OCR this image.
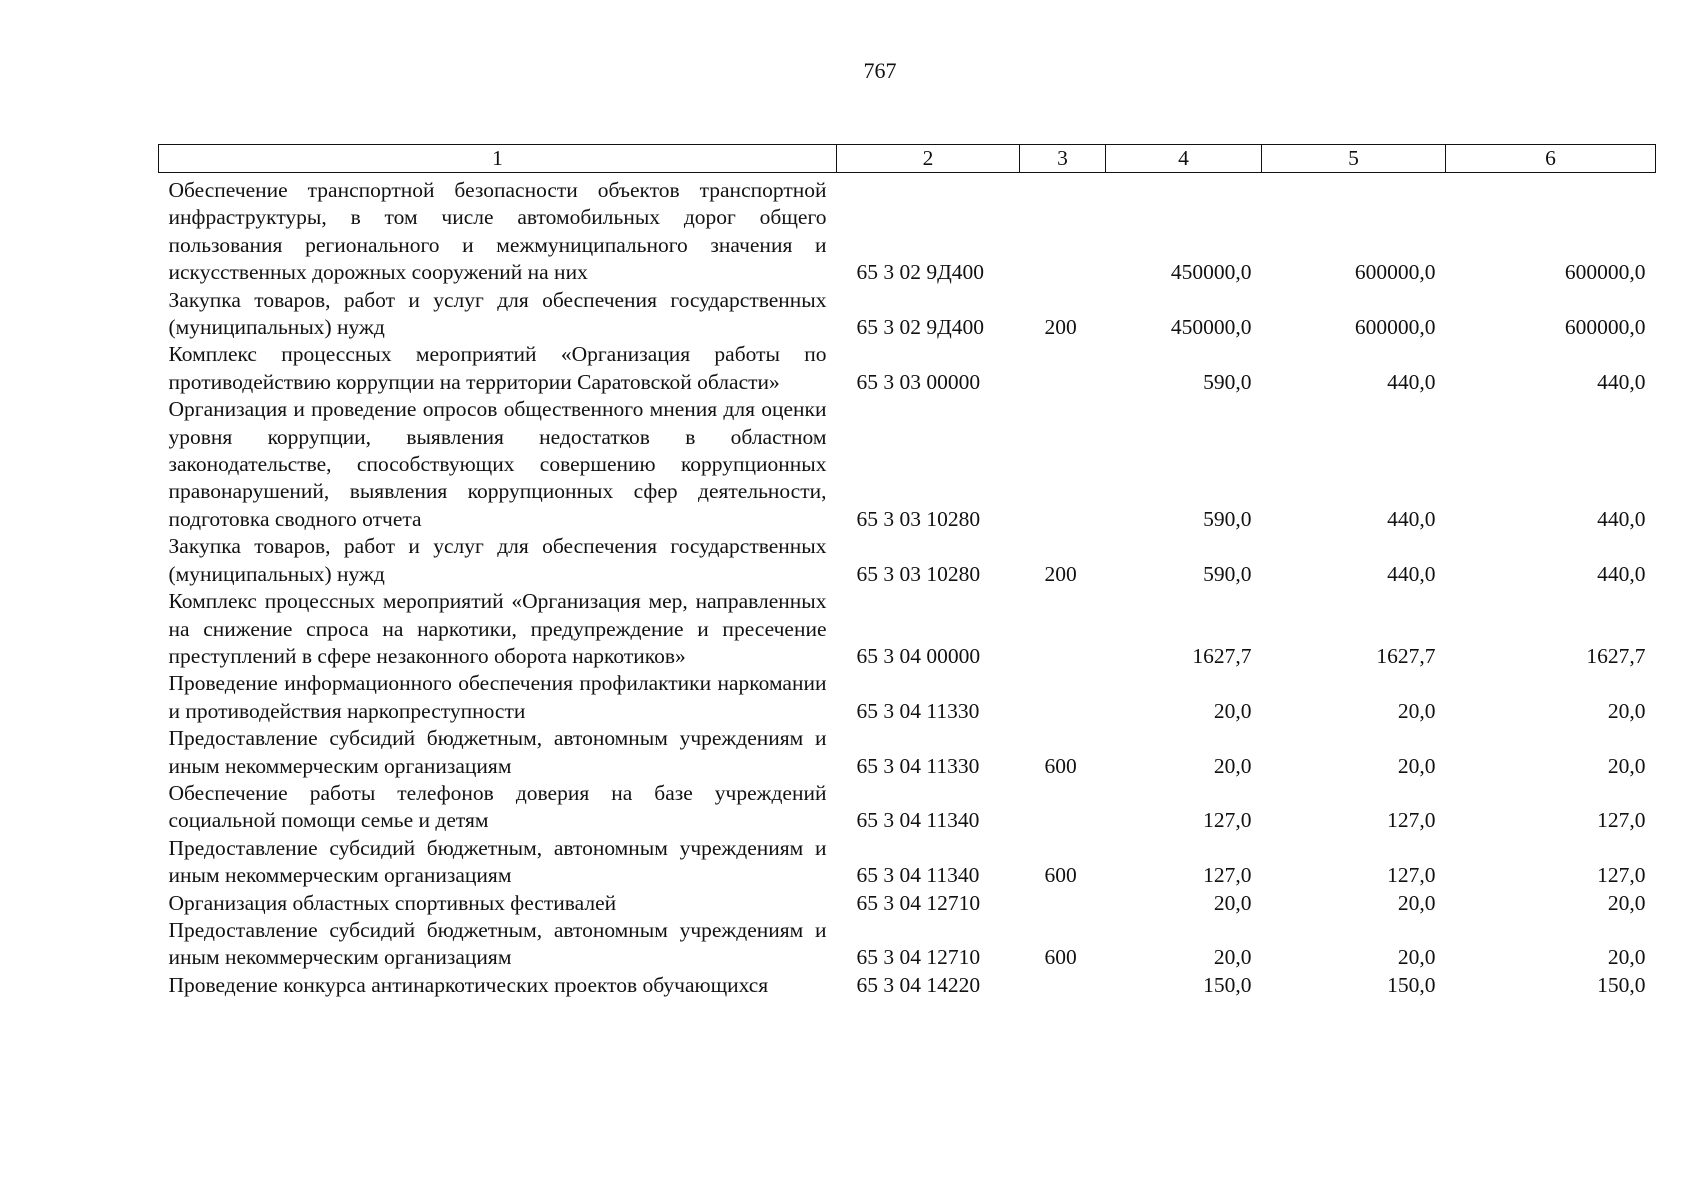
767
1	2	3	4	5	6
Обеспечение транспортной безопасности объектов транспортной инфраструктуры, в том числе автомобильных дорог общего пользования регионального и межмуниципального значения и искусственных дорожных сооружений на них	65 3 02 9Д400		450000,0	600000,0	600000,0
Закупка товаров, работ и услуг для обеспечения государственных (муниципальных) нужд	65 3 02 9Д400	200	450000,0	600000,0	600000,0
Комплекс процессных мероприятий «Организация работы по противодействию коррупции на территории Саратовской области»	65 3 03 00000		590,0	440,0	440,0
Организация и проведение опросов общественного мнения для оценки уровня коррупции, выявления недостатков в областном законодательстве, способствующих совершению коррупционных правонарушений, выявления коррупционных сфер деятельности, подготовка сводного отчета	65 3 03 10280		590,0	440,0	440,0
Закупка товаров, работ и услуг для обеспечения государственных (муниципальных) нужд	65 3 03 10280	200	590,0	440,0	440,0
Комплекс процессных мероприятий «Организация мер, направленных на снижение спроса на наркотики, предупреждение и пресечение преступлений в сфере незаконного оборота наркотиков»	65 3 04 00000		1627,7	1627,7	1627,7
Проведение информационного обеспечения профилактики наркомании и противодействия наркопреступности	65 3 04 11330		20,0	20,0	20,0
Предоставление субсидий бюджетным, автономным учреждениям и иным некоммерческим организациям	65 3 04 11330	600	20,0	20,0	20,0
Обеспечение работы телефонов доверия на базе учреждений социальной помощи семье и детям	65 3 04 11340		127,0	127,0	127,0
Предоставление субсидий бюджетным, автономным учреждениям и иным некоммерческим организациям	65 3 04 11340	600	127,0	127,0	127,0
Организация областных спортивных фестивалей	65 3 04 12710		20,0	20,0	20,0
Предоставление субсидий бюджетным, автономным учреждениям и иным некоммерческим организациям	65 3 04 12710	600	20,0	20,0	20,0
Проведение конкурса антинаркотических проектов обучающихся	65 3 04 14220		150,0	150,0	150,0
